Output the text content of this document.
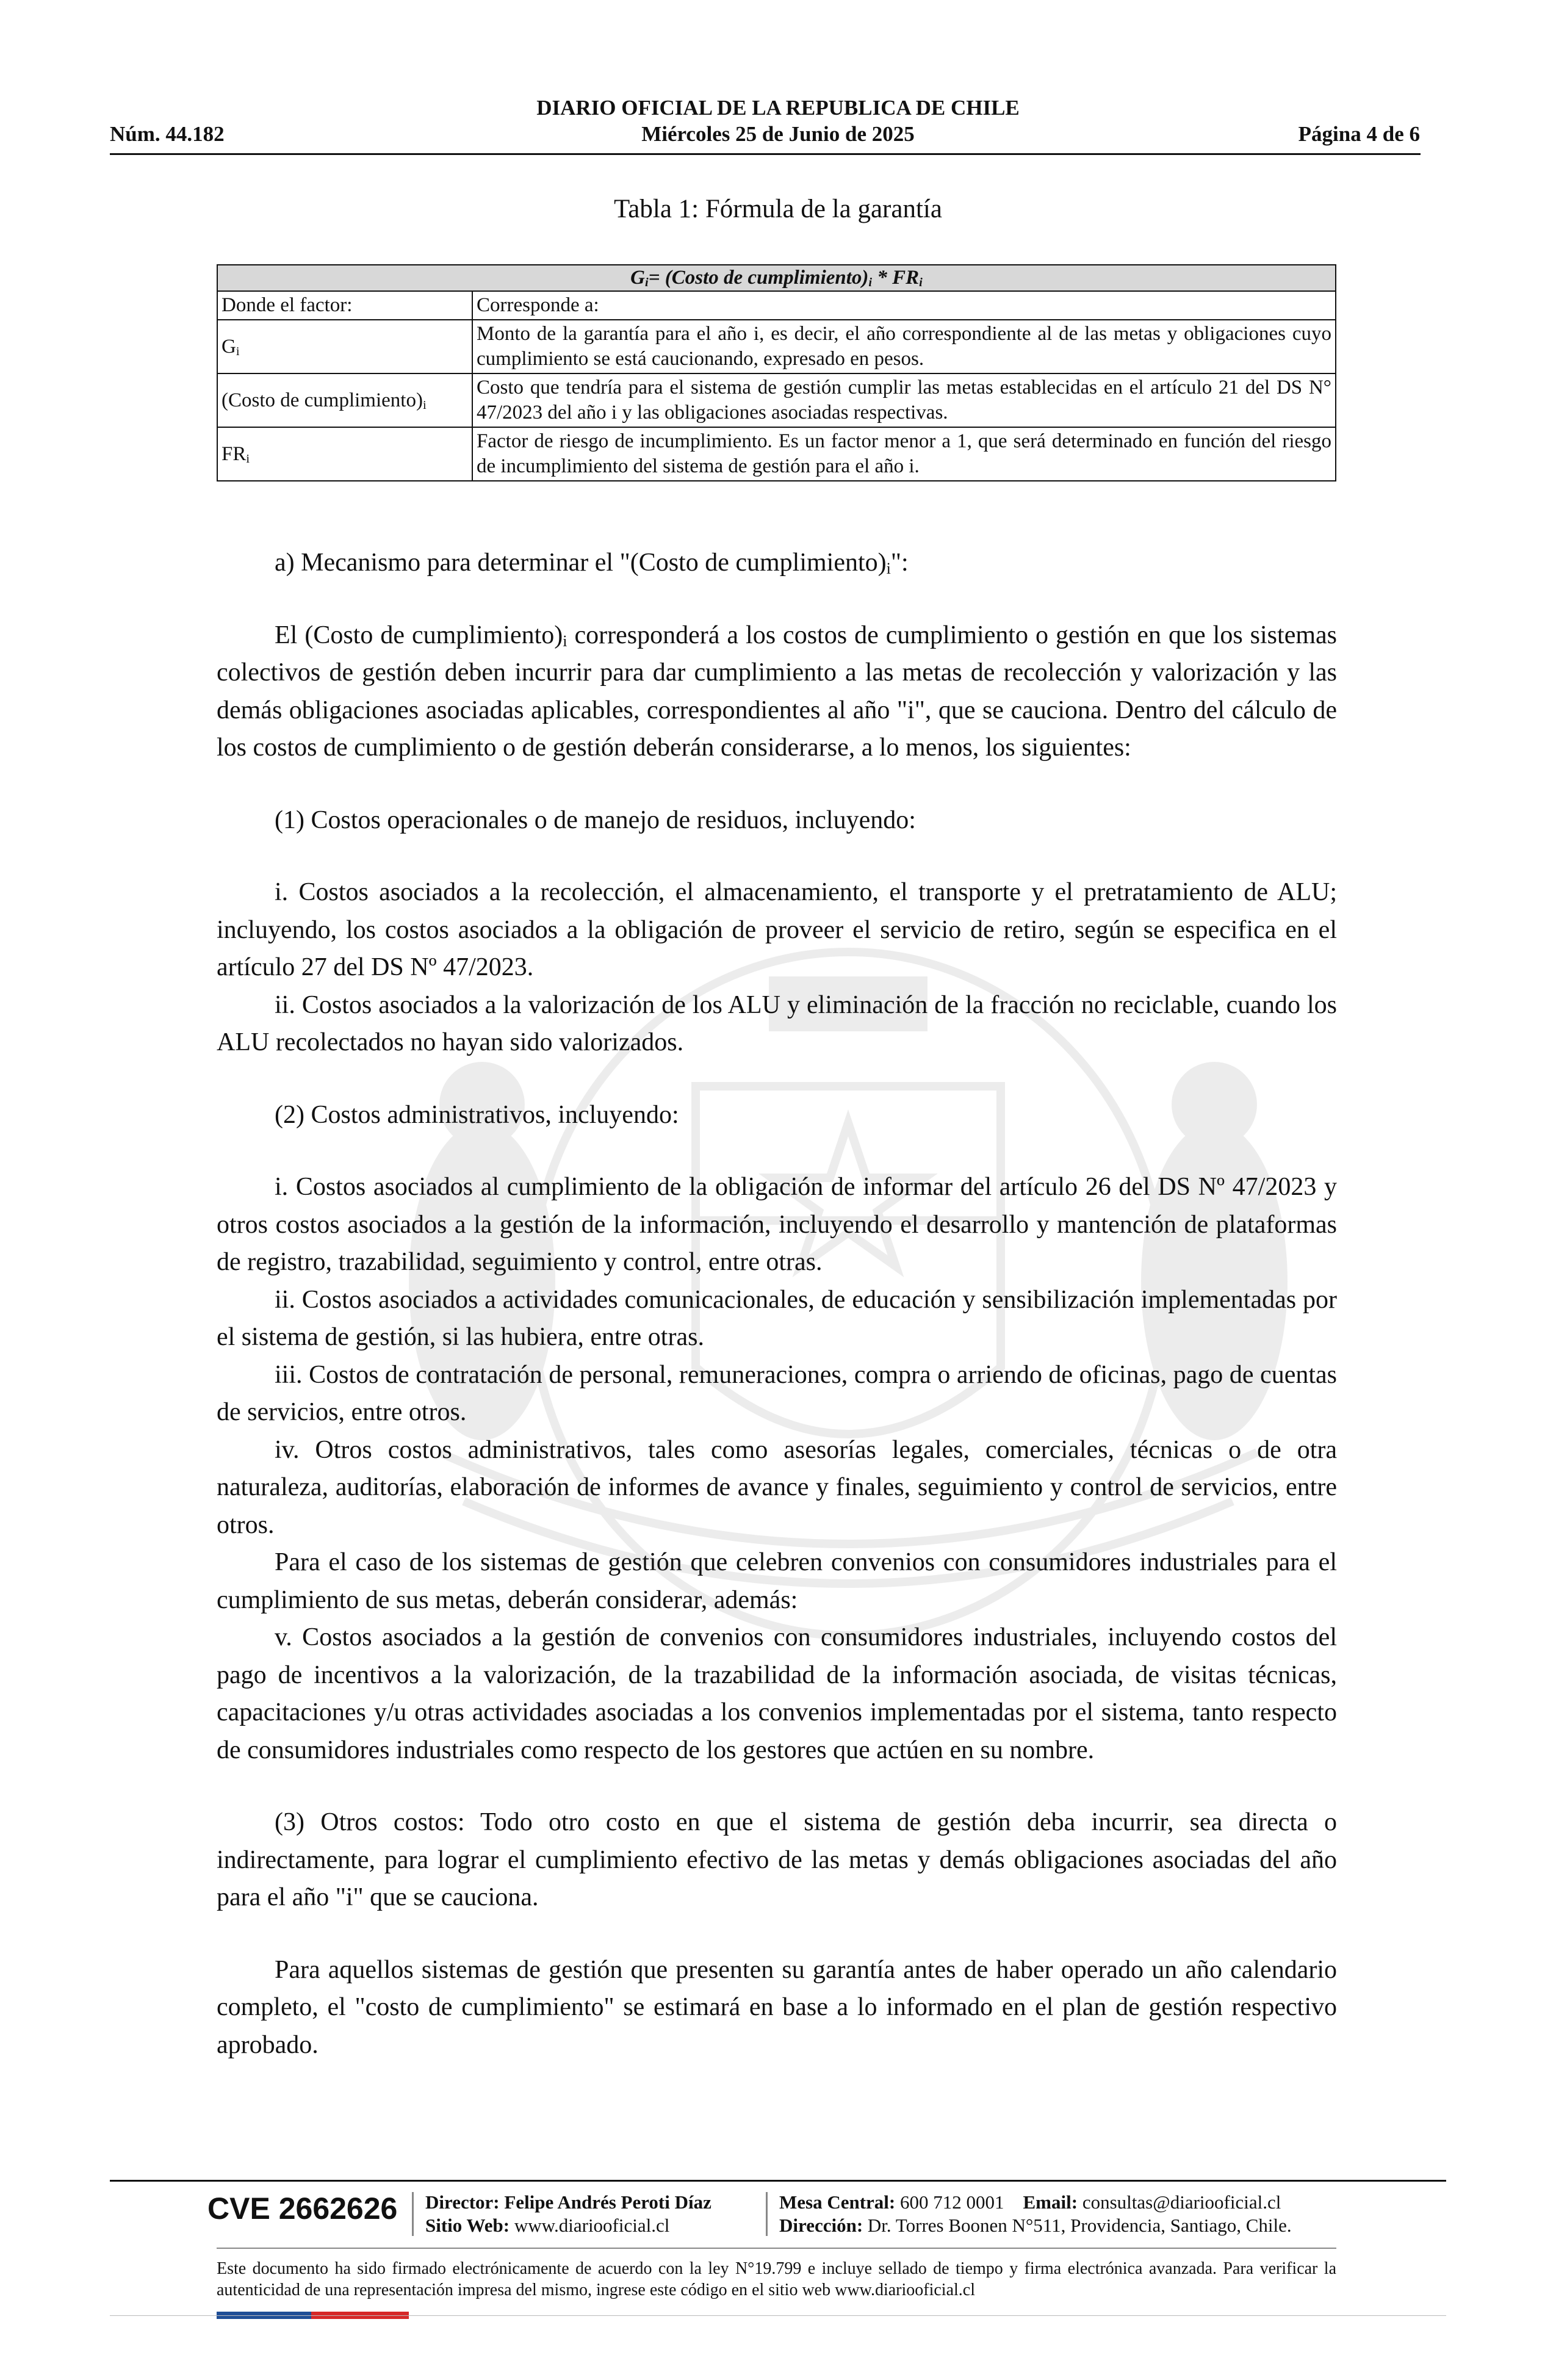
DIARIO OFICIAL DE LA REPUBLICA DE CHILE
Miércoles 25 de Junio de 2025
Núm. 44.182	Página 4 de 6
Tabla 1: Fórmula de la garantía
$G_i=$ (Costo de $cumplimiento)_i * FR_i$
Donde el factor:	Corresponde a:
$G_i$	Monto de la garantía para el año i, es decir, el año correspondiente al de las metas y obligaciones cuyo cumplimiento se está caucionando, expresado en pesos.
(Costo de $cumplimiento)_i$	Costo que tendría para el sistema de gestión cumplir las metas establecidas en el artículo 21 del DS N° 47/2023 del año i y las obligaciones asociadas respectivas.
$FR_i$	Factor de riesgo de incumplimiento. Es un factor menor a 1, que será determinado en función del riesgo de incumplimiento del sistema de gestión para el año i.

a) Mecanismo para determinar el "(Costo de $cumplimiento)_i$":

El (Costo de $cumplimiento)_i$ corresponderá a los costos de cumplimiento o gestión en que los sistemas colectivos de gestión deben incurrir para dar cumplimiento a las metas de recolección y valorización y las demás obligaciones asociadas aplicables, correspondientes al año "i", que se cauciona. Dentro del cálculo de los costos de cumplimiento o de gestión deberán considerarse, a lo menos, los siguientes:

(1) Costos operacionales o de manejo de residuos, incluyendo:

i. Costos asociados a la recolección, el almacenamiento, el transporte y el pretratamiento de ALU; incluyendo, los costos asociados a la obligación de proveer el servicio de retiro, según se especifica en el artículo 27 del DS Nº 47/2023.

ii. Costos asociados a la valorización de los ALU y eliminación de la fracción no reciclable, cuando los ALU recolectados no hayan sido valorizados.

(2) Costos administrativos, incluyendo:

i. Costos asociados al cumplimiento de la obligación de informar del artículo 26 del DS Nº 47/2023 y otros costos asociados a la gestión de la información, incluyendo el desarrollo y mantención de plataformas de registro, trazabilidad, seguimiento y control, entre otras.

ii. Costos asociados a actividades comunicacionales, de educación y sensibilización implementadas por el sistema de gestión, si las hubiera, entre otras.

iii. Costos de contratación de personal, remuneraciones, compra o arriendo de oficinas, pago de cuentas de servicios, entre otros.

iv. Otros costos administrativos, tales como asesorías legales, comerciales, técnicas o de otra naturaleza, auditorías, elaboración de informes de avance y finales, seguimiento y control de servicios, entre otros.

Para el caso de los sistemas de gestión que celebren convenios con consumidores industriales para el cumplimiento de sus metas, deberán considerar, además:

v. Costos asociados a la gestión de convenios con consumidores industriales, incluyendo costos del pago de incentivos a la valorización, de la trazabilidad de la información asociada, de visitas técnicas, capacitaciones y/u otras actividades asociadas a los convenios implementadas por el sistema, tanto respecto de consumidores industriales como respecto de los gestores que actúen en su nombre.

(3) Otros costos: Todo otro costo en que el sistema de gestión deba incurrir, sea directa o indirectamente, para lograr el cumplimiento efectivo de las metas y demás obligaciones asociadas del año para el año "i" que se cauciona.

Para aquellos sistemas de gestión que presenten su garantía antes de haber operado un año calendario completo, el "costo de cumplimiento" se estimará en base a lo informado en el plan de gestión respectivo aprobado.

CVE 2662626 Director: Felipe Andrés Peroti Díaz
Sitio Web: www.diariooficial.cl
Mesa Central: 600 712 0001 Email: consultas@diariooficial.cl
Dirección: Dr. Torres Boonen N°511, Providencia, Santiago, Chile.
Este documento ha sido firmado electrónicamente de acuerdo con la ley N°19.799 e incluye sellado de tiempo y firma electrónica avanzada. Para verificar la autenticidad de una representación impresa del mismo, ingrese este código en el sitio web www.diariooficial.cl
